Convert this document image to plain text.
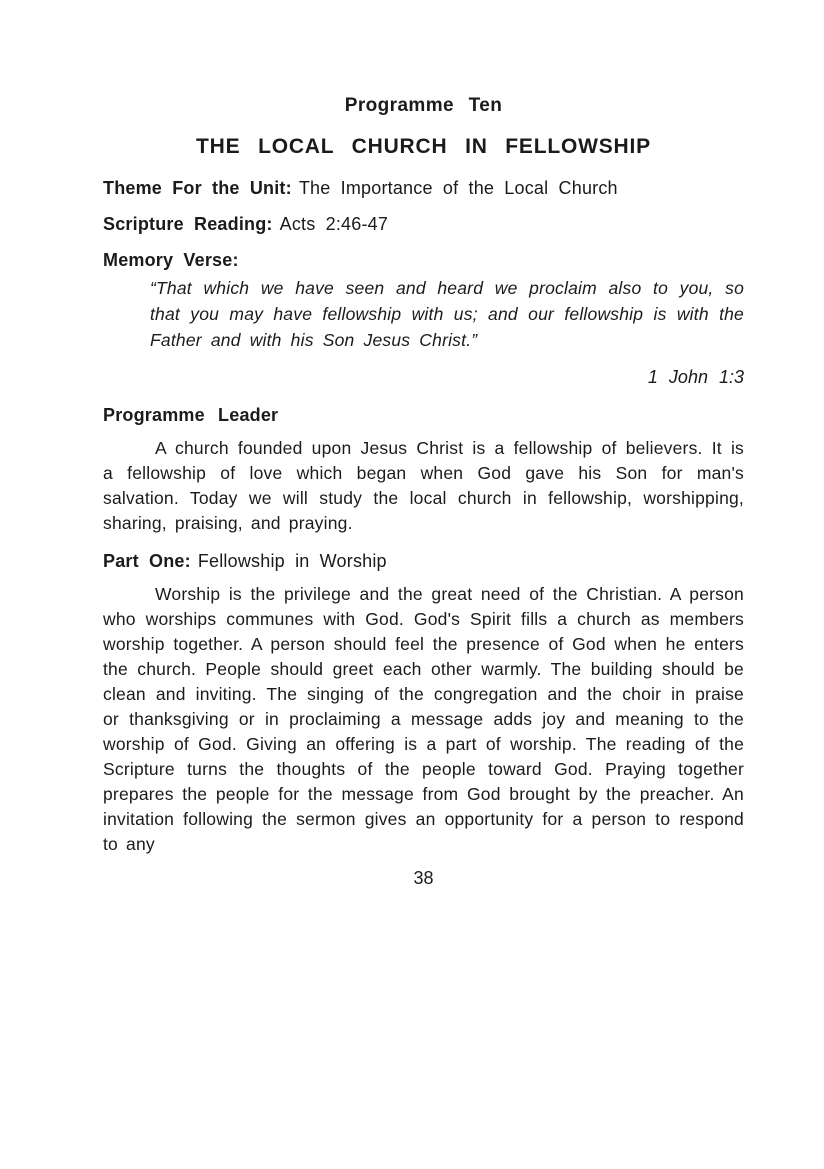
Programme Ten
THE LOCAL CHURCH IN FELLOWSHIP

Theme For the Unit: The Importance of the Local Church

Scripture Reading: Acts 2:46-47

Memory Verse:

“That which we have seen and heard we proclaim also to you, so that you may have fellowship with us; and our fellowship is with the Father and with his Son Jesus Christ.”

1 John 1:3

Programme Leader

A church founded upon Jesus Christ is a fellowship of believers. It is a fellowship of love which began when God gave his Son for man's salvation. Today we will study the local church in fellowship, worshipping, sharing, praising, and praying.

Part One: Fellowship in Worship

Worship is the privilege and the great need of the Christian. A person who worships communes with God. God's Spirit fills a church as members worship together. A person should feel the presence of God when he enters the church. People should greet each other warmly. The building should be clean and inviting. The singing of the congregation and the choir in praise or thanksgiving or in proclaiming a message adds joy and meaning to the worship of God. Giving an offering is a part of worship. The reading of the Scripture turns the thoughts of the people toward God. Praying together prepares the people for the message from God brought by the preacher. An invitation following the sermon gives an opportunity for a person to respond to any

38
